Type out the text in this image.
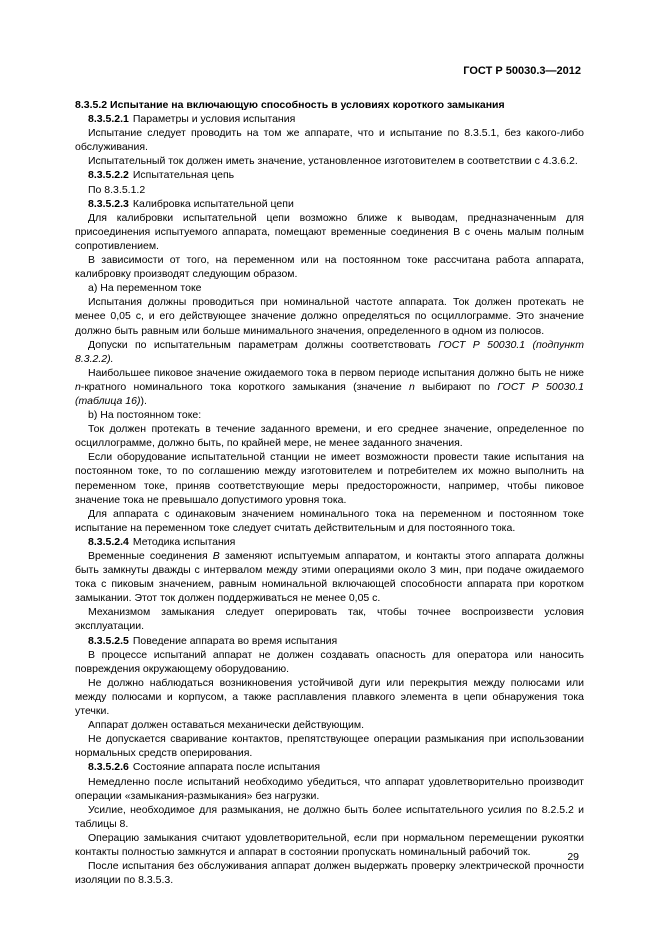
ГОСТ Р 50030.3—2012

8.3.5.2 Испытание на включающую способность в условиях короткого замыкания

8.3.5.2.1 Параметры и условия испытания

Испытание следует проводить на том же аппарате, что и испытание по 8.3.5.1, без какого-либо обслуживания.

Испытательный ток должен иметь значение, установленное изготовителем в соответствии с 4.3.6.2.

8.3.5.2.2 Испытательная цепь

По 8.3.5.1.2

8.3.5.2.3 Калибровка испытательной цепи

Для калибровки испытательной цепи возможно ближе к выводам, предназначенным для присоединения испытуемого аппарата, помещают временные соединения B с очень малым полным сопротивлением.

В зависимости от того, на переменном или на постоянном токе рассчитана работа аппарата, калибровку производят следующим образом.

a) На переменном токе

Испытания должны проводиться при номинальной частоте аппарата. Ток должен протекать не менее 0,05 с, и его действующее значение должно определяться по осциллограмме. Это значение должно быть равным или больше минимального значения, определенного в одном из полюсов.

Допуски по испытательным параметрам должны соответствовать ГОСТ Р 50030.1 (подпункт 8.3.2.2).

Наибольшее пиковое значение ожидаемого тока в первом периоде испытания должно быть не ниже n-кратного номинального тока короткого замыкания (значение n выбирают по ГОСТ Р 50030.1 (таблица 16)).

b) На постоянном токе:

Ток должен протекать в течение заданного времени, и его среднее значение, определенное по осциллограмме, должно быть, по крайней мере, не менее заданного значения.

Если оборудование испытательной станции не имеет возможности провести такие испытания на постоянном токе, то по соглашению между изготовителем и потребителем их можно выполнить на переменном токе, приняв соответствующие меры предосторожности, например, чтобы пиковое значение тока не превышало допустимого уровня тока.

Для аппарата с одинаковым значением номинального тока на переменном и постоянном токе испытание на переменном токе следует считать действительным и для постоянного тока.

8.3.5.2.4 Методика испытания

Временные соединения В заменяют испытуемым аппаратом, и контакты этого аппарата должны быть замкнуты дважды с интервалом между этими операциями около 3 мин, при подаче ожидаемого тока с пиковым значением, равным номинальной включающей способности аппарата при коротком замыкании. Этот ток должен поддерживаться не менее 0,05 с.

Механизмом замыкания следует оперировать так, чтобы точнее воспроизвести условия эксплуатации.

8.3.5.2.5 Поведение аппарата во время испытания

В процессе испытаний аппарат не должен создавать опасность для оператора или наносить повреждения окружающему оборудованию.

Не должно наблюдаться возникновения устойчивой дуги или перекрытия между полюсами или между полюсами и корпусом, а также расплавления плавкого элемента в цепи обнаружения тока утечки.

Аппарат должен оставаться механически действующим.

Не допускается сваривание контактов, препятствующее операции размыкания при использовании нормальных средств оперирования.

8.3.5.2.6 Состояние аппарата после испытания

Немедленно после испытаний необходимо убедиться, что аппарат удовлетворительно производит операции «замыкания-размыкания» без нагрузки.

Усилие, необходимое для размыкания, не должно быть более испытательного усилия по 8.2.5.2 и таблицы 8.

Операцию замыкания считают удовлетворительной, если при нормальном перемещении рукоятки контакты полностью замкнутся и аппарат в состоянии пропускать номинальный рабочий ток.

После испытания без обслуживания аппарат должен выдержать проверку электрической прочности изоляции по 8.3.5.3.

29
